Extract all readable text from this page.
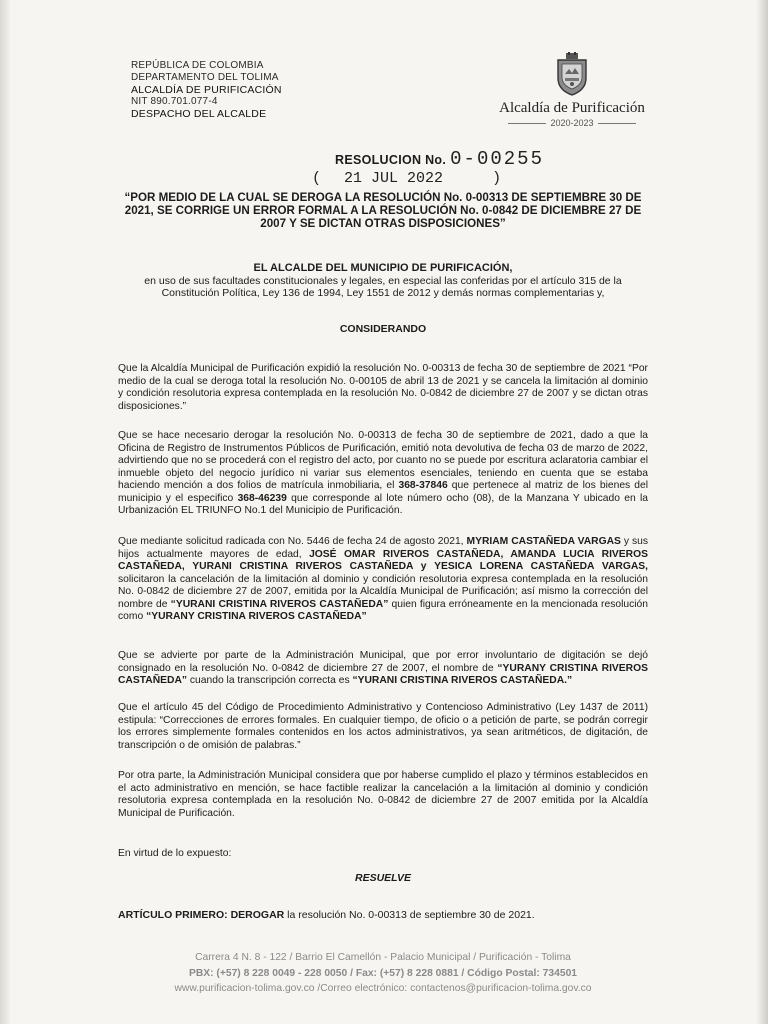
REPÚBLICA DE COLOMBIA
DEPARTAMENTO DEL TOLIMA
ALCALDÍA DE PURIFICACIÓN
NIT 890.701.077-4
DESPACHO DEL ALCALDE	Alcaldía de Purificación
2020-2023
RESOLUCION No. 0-00255
( 21 JUL 2022	)
“POR MEDIO DE LA CUAL SE DEROGA LA RESOLUCIÓN No. 0-00313 DE SEPTIEMBRE 30 DE 2021, SE CORRIGE UN ERROR FORMAL A LA RESOLUCIÓN No. 0-0842 DE DICIEMBRE 27 DE 2007 Y SE DICTAN OTRAS DISPOSICIONES”
EL ALCALDE DEL MUNICIPIO DE PURIFICACIÓN,
en uso de sus facultades constitucionales y legales, en especial las conferidas por el artículo 315 de la Constitución Política, Ley 136 de 1994, Ley 1551 de 2012 y demás normas complementarias y,
CONSIDERANDO
Que la Alcaldía Municipal de Purificación expidió la resolución No. 0-00313 de fecha 30 de septiembre de 2021 “Por medio de la cual se deroga total la resolución No. 0-00105 de abril 13 de 2021 y se cancela la limitación al dominio y condición resolutoria expresa contemplada en la resolución No. 0-0842 de diciembre 27 de 2007 y se dictan otras disposiciones.”
Que se hace necesario derogar la resolución No. 0-00313 de fecha 30 de septiembre de 2021, dado a que la Oficina de Registro de Instrumentos Públicos de Purificación, emitió nota devolutiva de fecha 03 de marzo de 2022, advirtiendo que no se procederá con el registro del acto, por cuanto no se puede por escritura aclaratoria cambiar el inmueble objeto del negocio jurídico ni variar sus elementos esenciales, teniendo en cuenta que se estaba haciendo mención a dos folios de matrícula inmobiliaria, el 368-37846 que pertenece al matriz de los bienes del municipio y el especifico 368-46239 que corresponde al lote número ocho (08), de la Manzana Y ubicado en la Urbanización EL TRIUNFO No.1 del Municipio de Purificación.
Que mediante solicitud radicada con No. 5446 de fecha 24 de agosto 2021, MYRIAM CASTAÑEDA VARGAS y sus hijos actualmente mayores de edad, JOSÉ OMAR RIVEROS CASTAÑEDA, AMANDA LUCIA RIVEROS CASTAÑEDA, YURANI CRISTINA RIVEROS CASTAÑEDA y YESICA LORENA CASTAÑEDA VARGAS, solicitaron la cancelación de la limitación al dominio y condición resolutoria expresa contemplada en la resolución No. 0-0842 de diciembre 27 de 2007, emitida por la Alcaldía Municipal de Purificación; así mismo la corrección del nombre de “YURANI CRISTINA RIVEROS CASTAÑEDA” quien figura erróneamente en la mencionada resolución como “YURANY CRISTINA RIVEROS CASTAÑEDA”
Que se advierte por parte de la Administración Municipal, que por error involuntario de digitación se dejó consignado en la resolución No. 0-0842 de diciembre 27 de 2007, el nombre de “YURANY CRISTINA RIVEROS CASTAÑEDA” cuando la transcripción correcta es “YURANI CRISTINA RIVEROS CASTAÑEDA.”
Que el artículo 45 del Código de Procedimiento Administrativo y Contencioso Administrativo (Ley 1437 de 2011) estipula: “Correcciones de errores formales. En cualquier tiempo, de oficio o a petición de parte, se podrán corregir los errores simplemente formales contenidos en los actos administrativos, ya sean aritméticos, de digitación, de transcripción o de omisión de palabras.”
Por otra parte, la Administración Municipal considera que por haberse cumplido el plazo y términos establecidos en el acto administrativo en mención, se hace factible realizar la cancelación a la limitación al dominio y condición resolutoria expresa contemplada en la resolución No. 0-0842 de diciembre 27 de 2007 emitida por la Alcaldía Municipal de Purificación.
En virtud de lo expuesto:
RESUELVE
ARTÍCULO PRIMERO: DEROGAR la resolución No. 0-00313 de septiembre 30 de 2021.
Carrera 4 N. 8 - 122 / Barrio El Camellón - Palacio Municipal / Purificación - Tolima
PBX: (+57) 8 228 0049 - 228 0050 / Fax: (+57) 8 228 0881 / Código Postal: 734501
www.purificacion-tolima.gov.co /Correo electrónico: contactenos@purificacion-tolima.gov.co
